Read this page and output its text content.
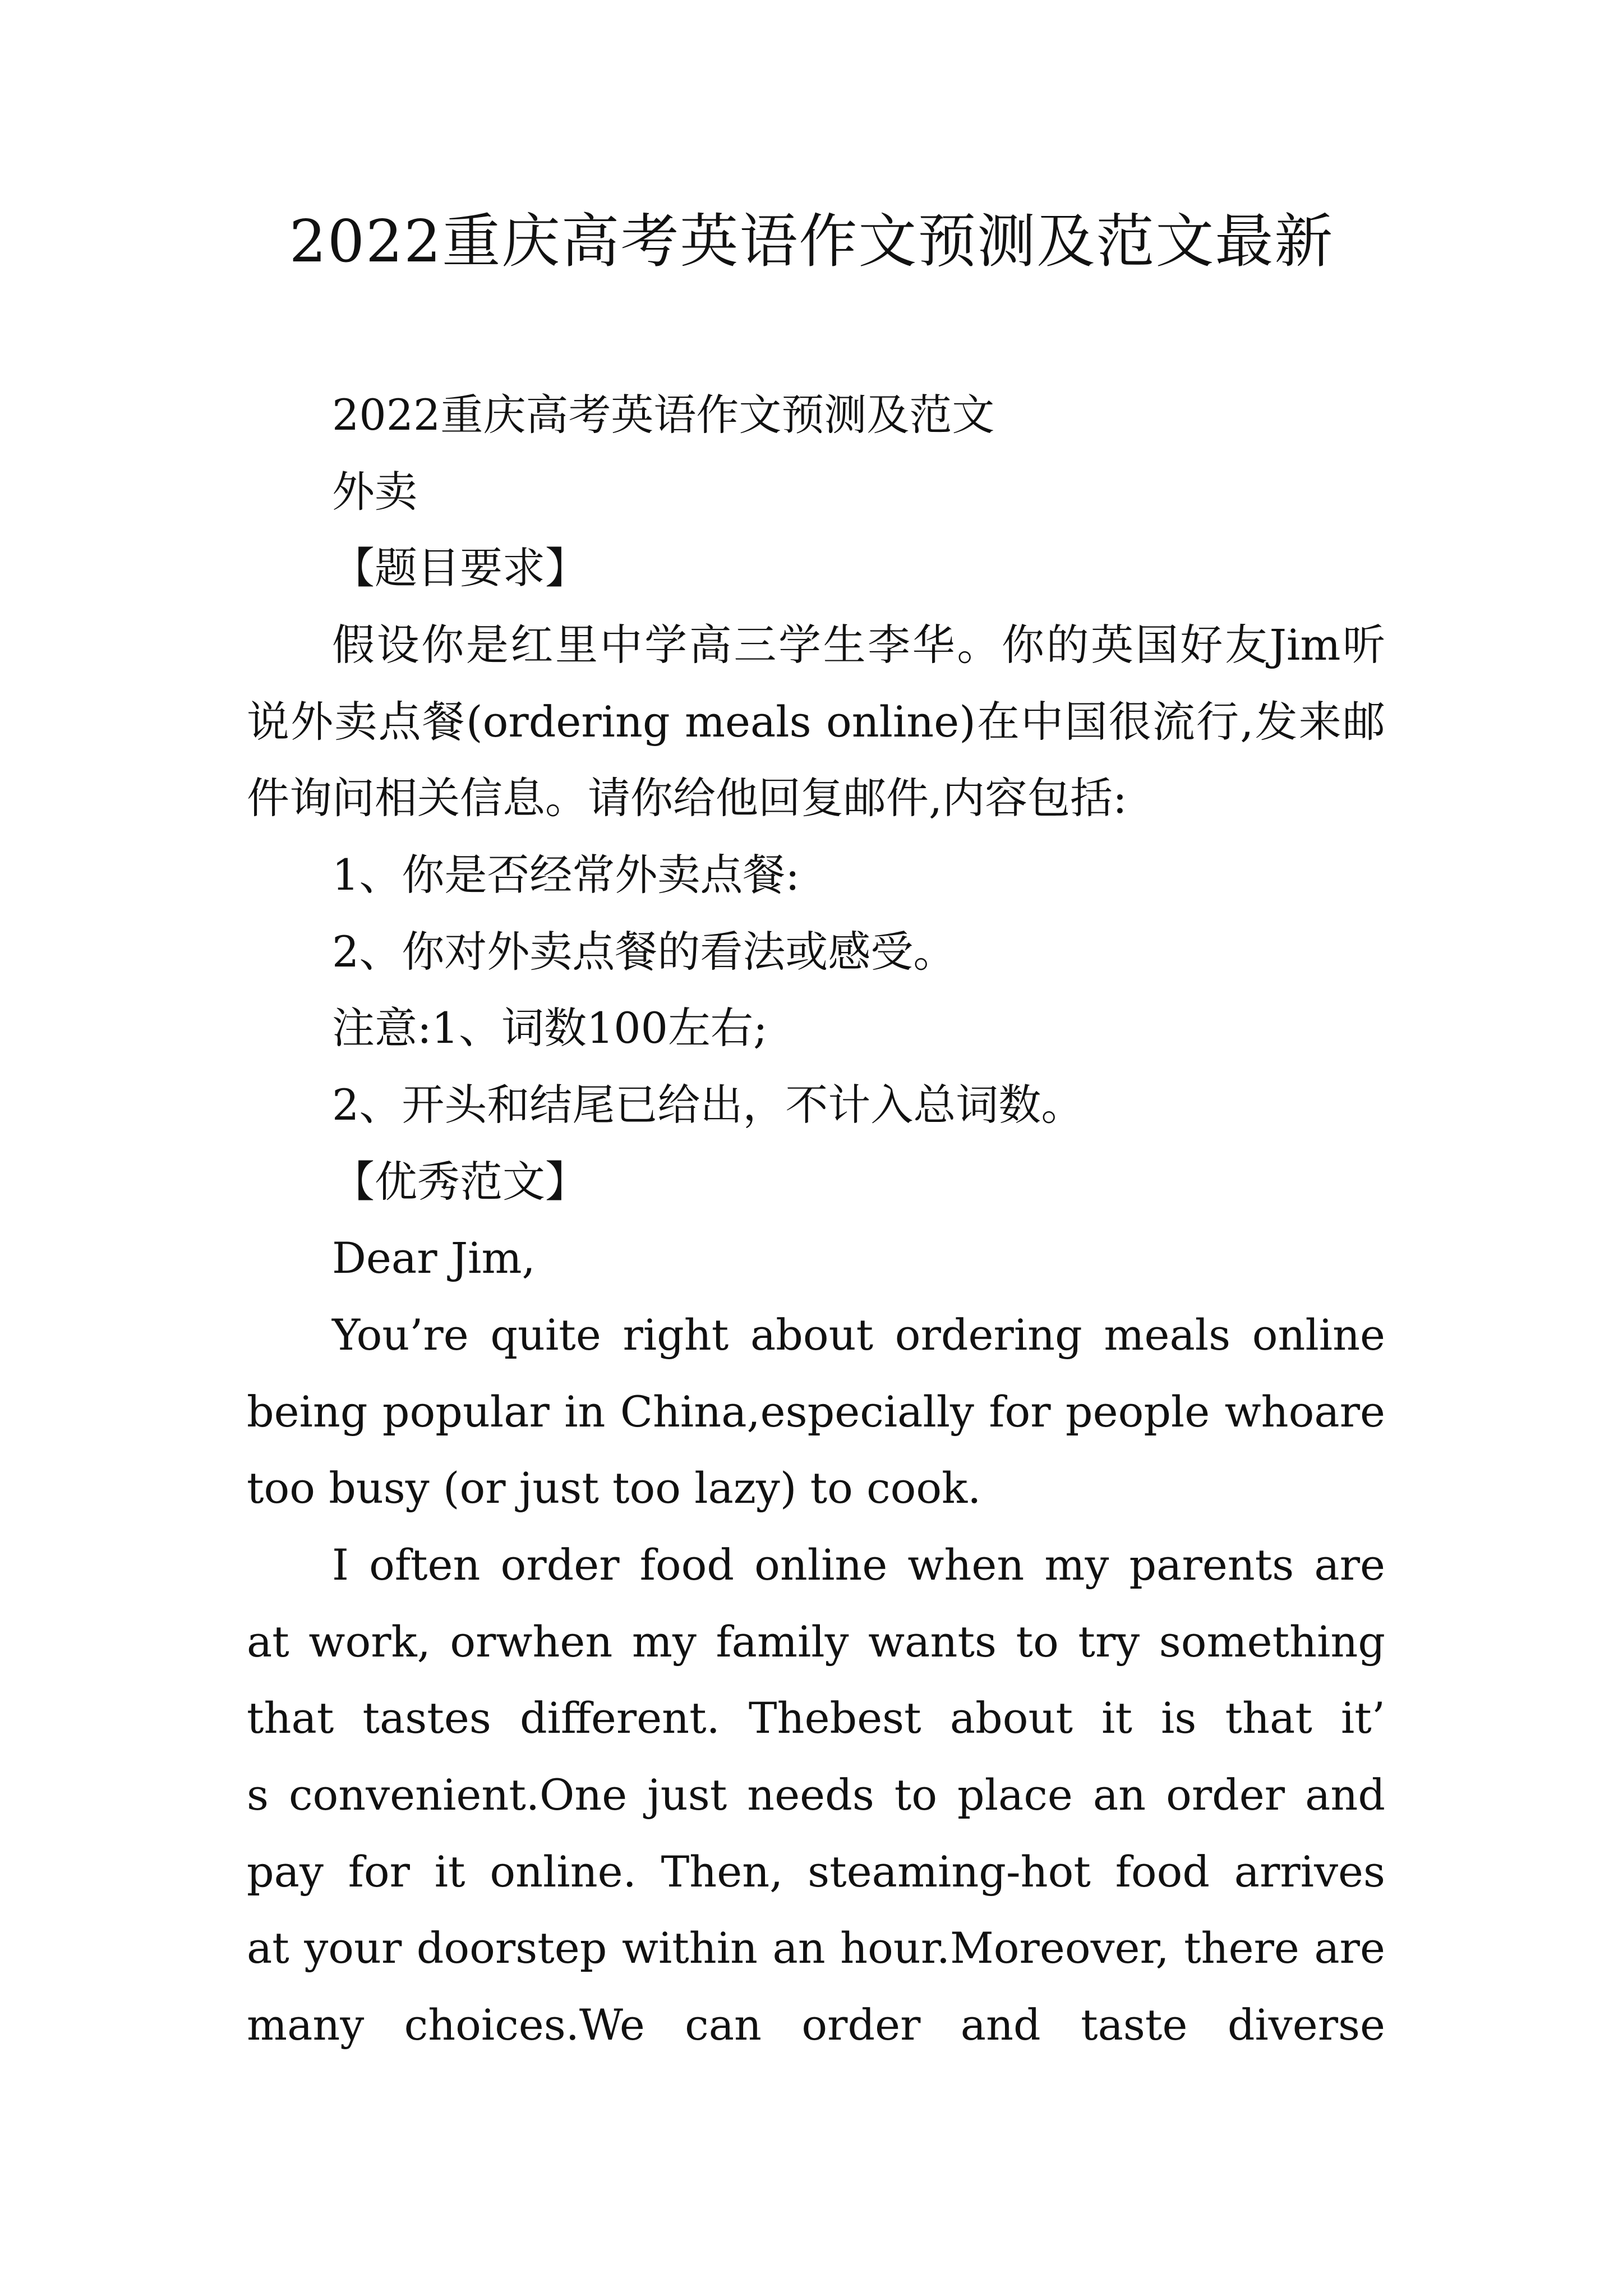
2022重庆高考英语作文预测及范文最新
2022重庆高考英语作文预测及范文
外卖
【题目要求】
假设你是红里中学高三学生李华。你的英国好友Jim听
说外卖点餐(ordering meals online)在中国很流行,发来邮
件询问相关信息。请你给他回复邮件,内容包括:
1、你是否经常外卖点餐:
2、你对外卖点餐的看法或感受。
注意:1、词数100左右;
2、开头和结尾已给出，不计入总词数。
【优秀范文】
Dear Jim,
You’re quite right about ordering meals online
being popular in China,especially for people whoare
too busy (or just too lazy) to cook.
I often order food online when my parents are
at work, orwhen my family wants to try something
that tastes different. Thebest about it is that it’
s convenient.One just needs to place an order and
pay for it online. Then, steaming-hot food arrives
at your doorstep within an hour.Moreover, there are
many choices.We can order and taste diverse
